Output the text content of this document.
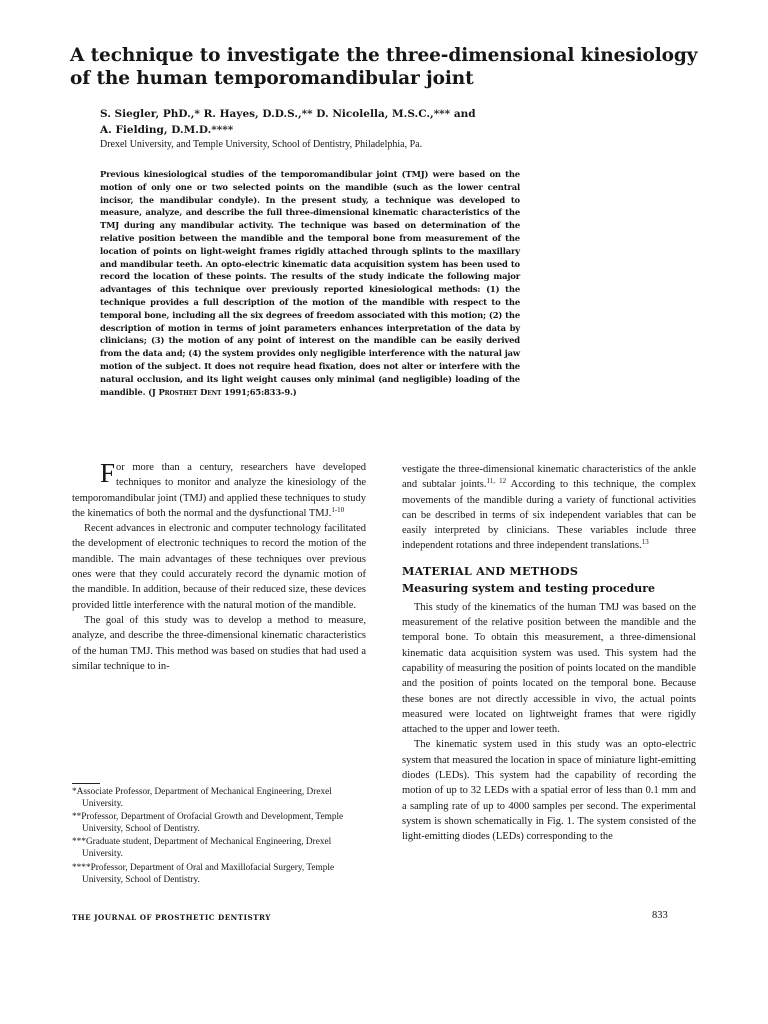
A technique to investigate the three-dimensional kinesiology of the human temporomandibular joint
S. Siegler, PhD.,* R. Hayes, D.D.S.,** D. Nicolella, M.S.C.,*** and
A. Fielding, D.M.D.****
Drexel University, and Temple University, School of Dentistry, Philadelphia, Pa.
Previous kinesiological studies of the temporomandibular joint (TMJ) were based on the motion of only one or two selected points on the mandible (such as the lower central incisor, the mandibular condyle). In the present study, a technique was developed to measure, analyze, and describe the full three-dimensional kinematic characteristics of the TMJ during any mandibular activity. The technique was based on determination of the relative position between the mandible and the temporal bone from measurement of the location of points on light-weight frames rigidly attached through splints to the maxillary and mandibular teeth. An opto-electric kinematic data acquisition system has been used to record the location of these points. The results of the study indicate the following major advantages of this technique over previously reported kinesiological methods: (1) the technique provides a full description of the motion of the mandible with respect to the temporal bone, including all the six degrees of freedom associated with this motion; (2) the description of motion in terms of joint parameters enhances interpretation of the data by clinicians; (3) the motion of any point of interest on the mandible can be easily derived from the data and; (4) the system provides only negligible interference with the natural jaw motion of the subject. It does not require head fixation, does not alter or interfere with the natural occlusion, and its light weight causes only minimal (and negligible) loading of the mandible. (J Prosthet Dent 1991;65:833-9.)

For more than a century, researchers have developed techniques to monitor and analyze the kinesiology of the temporomandibular joint (TMJ) and applied these techniques to study the kinematics of both the normal and the dysfunctional TMJ.$^{1-10}$

Recent advances in electronic and computer technology facilitated the development of electronic techniques to record the motion of the mandible. The main advantages of these techniques over previous ones were that they could accurately record the dynamic motion of the mandible. In addition, because of their reduced size, these devices provided little interference with the natural motion of the mandible.

The goal of this study was to develop a method to measure, analyze, and describe the three-dimensional kinematic characteristics of the human TMJ. This method was based on studies that had used a similar technique to in-

vestigate the three-dimensional kinematic characteristics of the ankle and subtalar joints.$^{11, 12}$ According to this technique, the complex movements of the mandible during a variety of functional activities can be described in terms of six independent variables that can be easily interpreted by clinicians. These variables include three independent rotations and three independent translations.$^{13}$

MATERIAL AND METHODS
Measuring system and testing procedure

This study of the kinematics of the human TMJ was based on the measurement of the relative position between the mandible and the temporal bone. To obtain this measurement, a three-dimensional kinematic data acquisition system was used. This system had the capability of measuring the position of points located on the mandible and the position of points located on the temporal bone. Because these bones are not directly accessible in vivo, the actual points measured were located on lightweight frames that were rigidly attached to the upper and lower teeth.

The kinematic system used in this study was an opto-electric system that measured the location in space of miniature light-emitting diodes (LEDs). This system had the capability of recording the motion of up to 32 LEDs with a spatial error of less than 0.1 mm and a sampling rate of up to 4000 samples per second. The experimental system is shown schematically in Fig. 1. The system consisted of the light-emitting diodes (LEDs) corresponding to the

*Associate Professor, Department of Mechanical Engineering, Drexel University.
**Professor, Department of Orofacial Growth and Development, Temple University, School of Dentistry.
***Graduate student, Department of Mechanical Engineering, Drexel University.
****Professor, Department of Oral and Maxillofacial Surgery, Temple University, School of Dentistry.
THE JOURNAL OF PROSTHETIC DENTISTRY	833
